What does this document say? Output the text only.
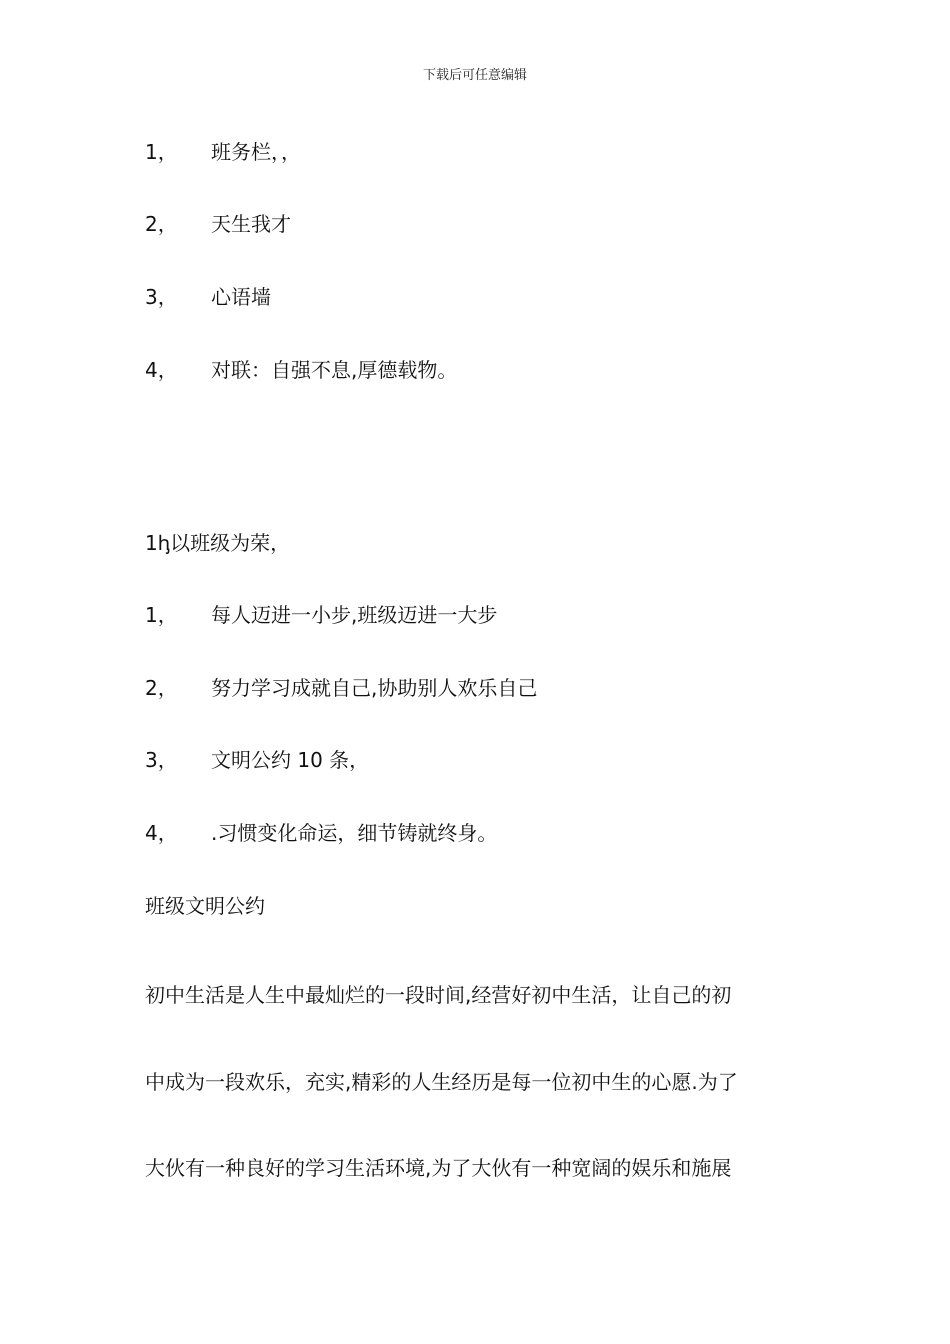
下载后可任意编辑
1， 班务栏，，
2， 天生我才
3， 心语墙
4， 对联：自强不息,厚德载物。
1ꞕ以班级为荣，
1， 每人迈进一小步,班级迈进一大步
2， 努力学习成就自己,协助别人欢乐自己
3， 文明公约 10 条，
4， .习惯变化命运，细节铸就终身。
班级文明公约
初中生活是人生中最灿烂的一段时间,经营好初中生活，让自己的初
中成为一段欢乐，充实,精彩的人生经历是每一位初中生的心愿.为了
大伙有一种良好的学习生活环境,为了大伙有一种宽阔的娱乐和施展
